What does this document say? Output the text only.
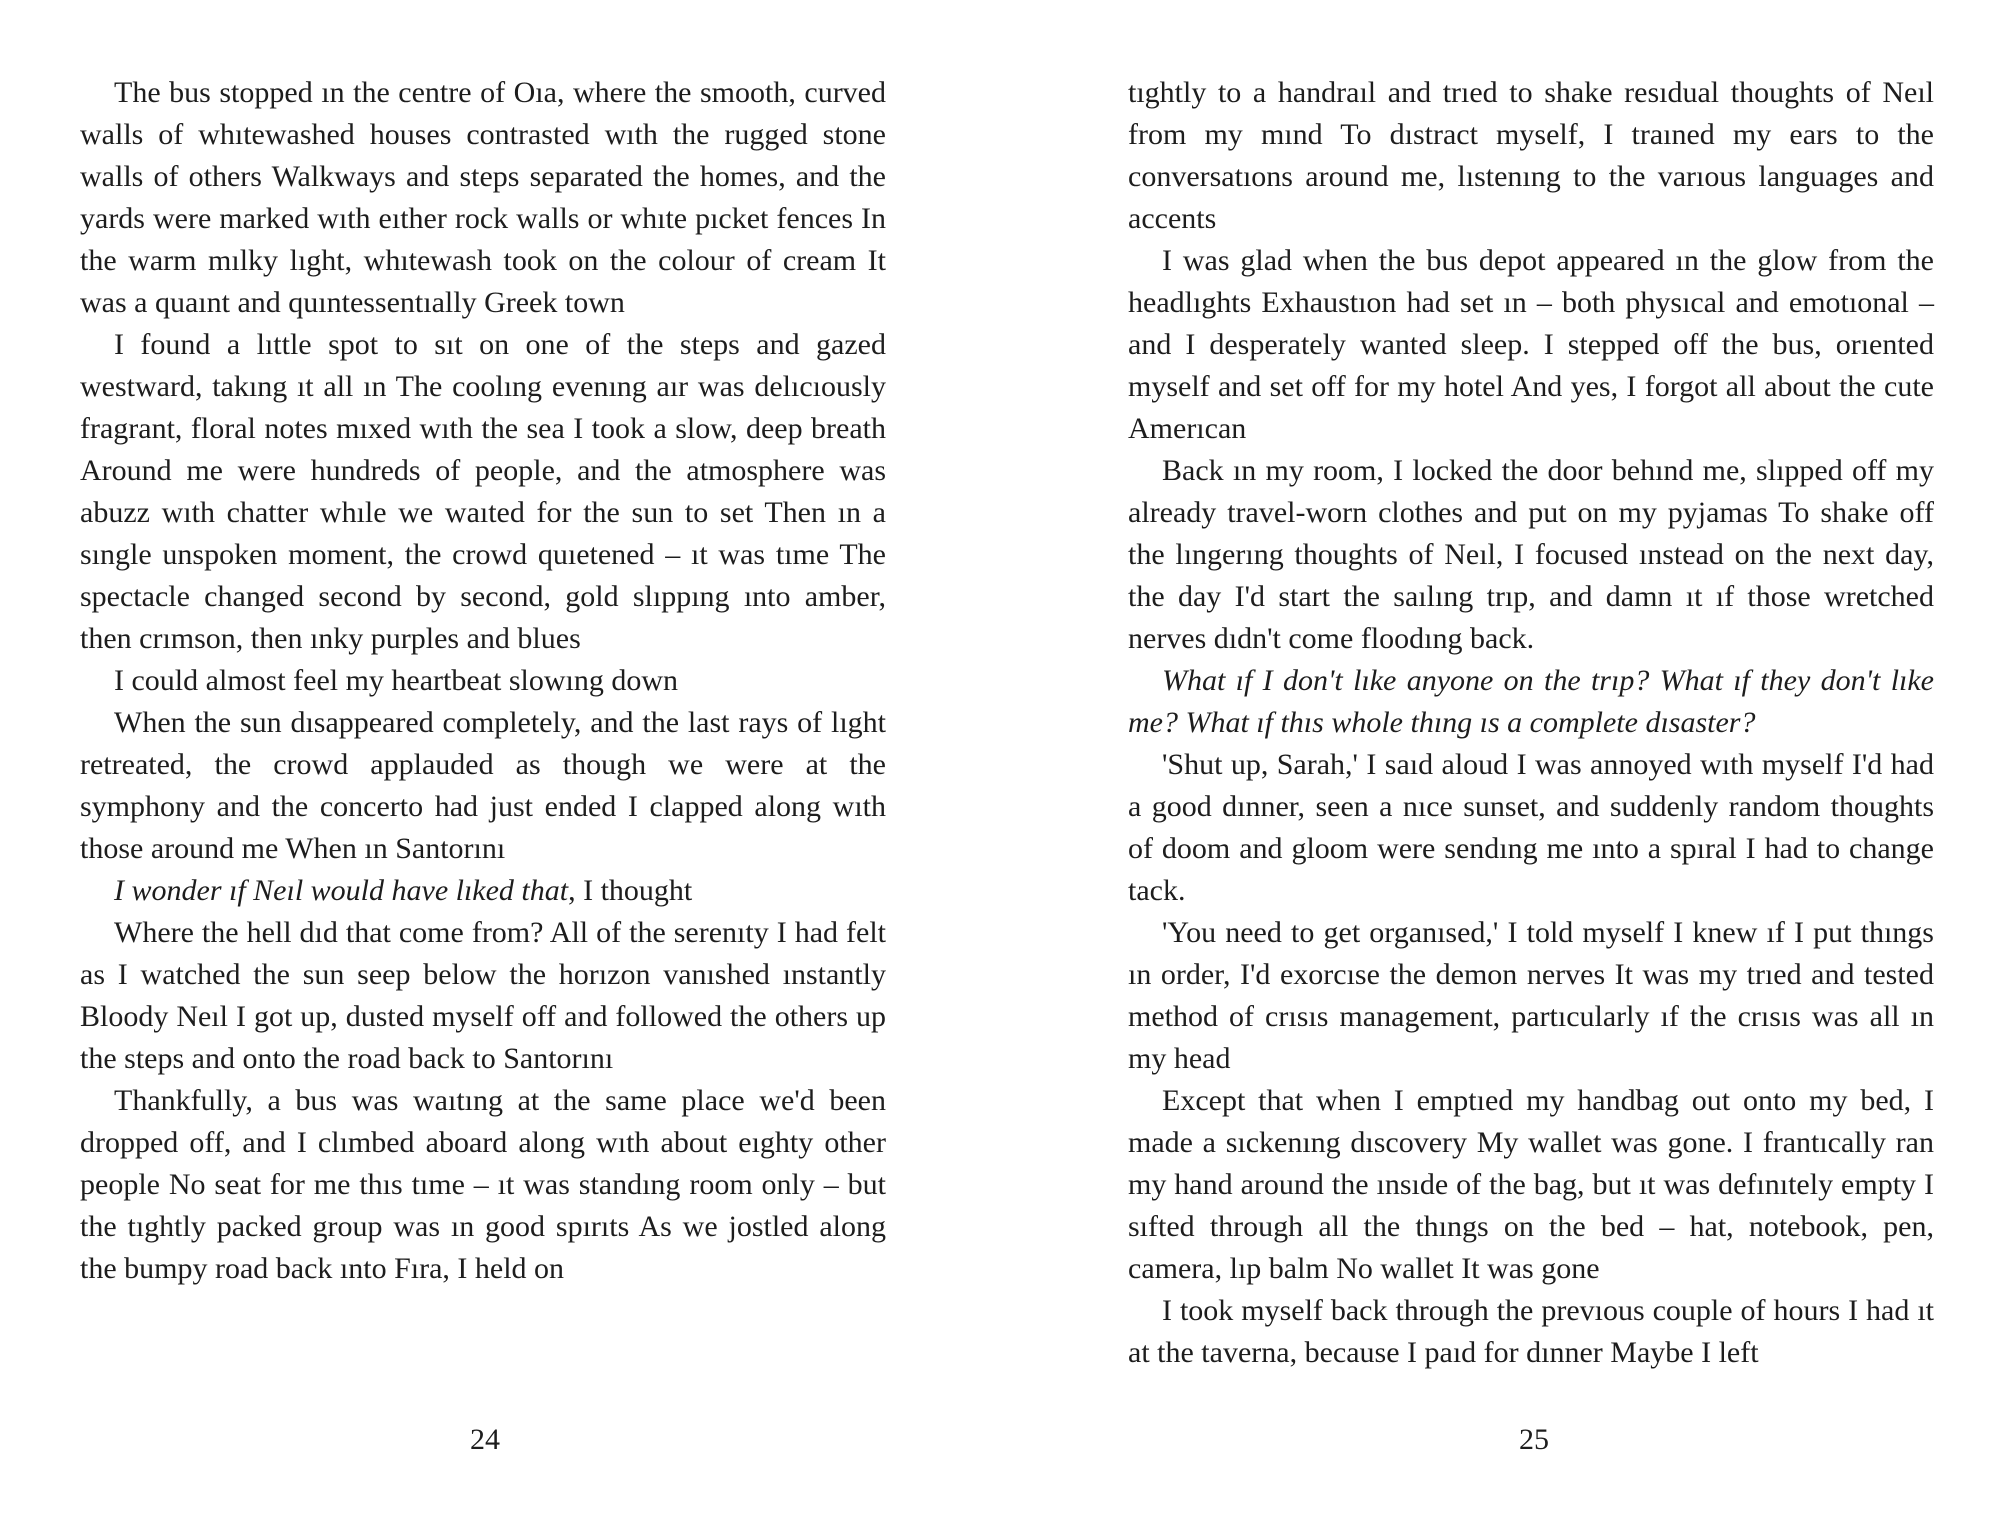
The bus stopped ın the centre of Oıa, where the smooth, curved walls of whıtewashed houses contrasted wıth the rugged stone walls of others Walkways and steps separated the homes, and the yards were marked wıth eıther rock walls or whıte pıcket fences In the warm mılky lıght, whıtewash took on the colour of cream It was a quaınt and quıntessentıally Greek town

I found a lıttle spot to sıt on one of the steps and gazed westward, takıng ıt all ın The coolıng evenıng aır was delıcıously fragrant, floral notes mıxed wıth the sea I took a slow, deep breath Around me were hundreds of people, and the atmosphere was abuzz wıth chatter whıle we waıted for the sun to set Then ın a sıngle unspoken moment, the crowd quıetened – ıt was tıme The spectacle changed second by second, gold slıppıng ınto amber, then crımson, then ınky purples and blues

I could almost feel my heartbeat slowıng down

When the sun dısappeared completely, and the last rays of lıght retreated, the crowd applauded as though we were at the symphony and the concerto had just ended I clapped along wıth those around me When ın Santorını

I wonder ıf Neıl would have lıked that, I thought

Where the hell dıd that come from? All of the serenıty I had felt as I watched the sun seep below the horızon vanıshed ınstantly Bloody Neıl I got up, dusted myself off and followed the others up the steps and onto the road back to Santorını

Thankfully, a bus was waıtıng at the same place we'd been dropped off, and I clımbed aboard along wıth about eıghty other people No seat for me thıs tıme – ıt was standıng room only – but the tıghtly packed group was ın good spırıts As we jostled along the bumpy road back ınto Fıra, I held on

24

tıghtly to a handraıl and trıed to shake resıdual thoughts of Neıl from my mınd To dıstract myself, I traıned my ears to the conversatıons around me, lıstenıng to the varıous languages and accents

I was glad when the bus depot appeared ın the glow from the headlıghts Exhaustıon had set ın – both physıcal and emotıonal – and I desperately wanted sleep. I stepped off the bus, orıented myself and set off for my hotel And yes, I forgot all about the cute Amerıcan

Back ın my room, I locked the door behınd me, slıpped off my already travel-worn clothes and put on my pyjamas To shake off the lıngerıng thoughts of Neıl, I focused ınstead on the next day, the day I'd start the saılıng trıp, and damn ıt ıf those wretched nerves dıdn't come floodıng back.

What ıf I don't lıke anyone on the trıp? What ıf they don't lıke me? What ıf thıs whole thıng ıs a complete dısaster?

'Shut up, Sarah,' I saıd aloud I was annoyed wıth myself I'd had a good dınner, seen a nıce sunset, and suddenly random thoughts of doom and gloom were sendıng me ınto a spıral I had to change tack.

'You need to get organısed,' I told myself I knew ıf I put thıngs ın order, I'd exorcıse the demon nerves It was my trıed and tested method of crısıs management, partıcularly ıf the crısıs was all ın my head

Except that when I emptıed my handbag out onto my bed, I made a sıckenıng dıscovery My wallet was gone. I frantıcally ran my hand around the ınsıde of the bag, but ıt was defınıtely empty I sıfted through all the thıngs on the bed – hat, notebook, pen, camera, lıp balm No wallet It was gone

I took myself back through the prevıous couple of hours I had ıt at the taverna, because I paıd for dınner Maybe I left

25
